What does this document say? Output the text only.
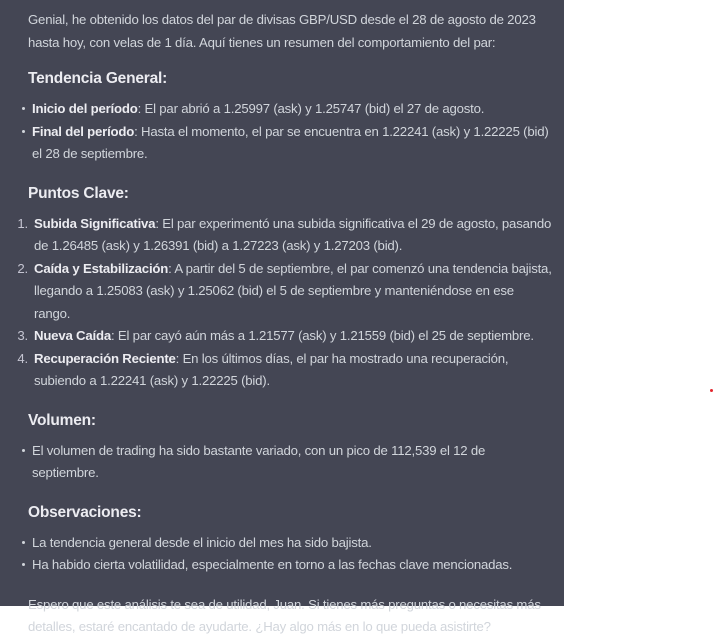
Genial, he obtenido los datos del par de divisas GBP/USD desde el 28 de agosto de 2023 hasta hoy, con velas de 1 día. Aquí tienes un resumen del comportamiento del par:

Tendencia General:
Inicio del período: El par abrió a 1.25997 (ask) y 1.25747 (bid) el 27 de agosto.
Final del período: Hasta el momento, el par se encuentra en 1.22241 (ask) y 1.22225 (bid) el 28 de septiembre.
Puntos Clave:
1. Subida Significativa: El par experimentó una subida significativa el 29 de agosto, pasando de 1.26485 (ask) y 1.26391 (bid) a 1.27223 (ask) y 1.27203 (bid).
2. Caída y Estabilización: A partir del 5 de septiembre, el par comenzó una tendencia bajista, llegando a 1.25083 (ask) y 1.25062 (bid) el 5 de septiembre y manteniéndose en ese rango.
3. Nueva Caída: El par cayó aún más a 1.21577 (ask) y 1.21559 (bid) el 25 de septiembre.
4. Recuperación Reciente: En los últimos días, el par ha mostrado una recuperación, subiendo a 1.22241 (ask) y 1.22225 (bid).
Volumen:
El volumen de trading ha sido bastante variado, con un pico de 112,539 el 12 de septiembre.
Observaciones:
La tendencia general desde el inicio del mes ha sido bajista.
Ha habido cierta volatilidad, especialmente en torno a las fechas clave mencionadas.

Espero que este análisis te sea de utilidad, Juan. Si tienes más preguntas o necesitas más detalles, estaré encantado de ayudarte. ¿Hay algo más en lo que pueda asistirte?
